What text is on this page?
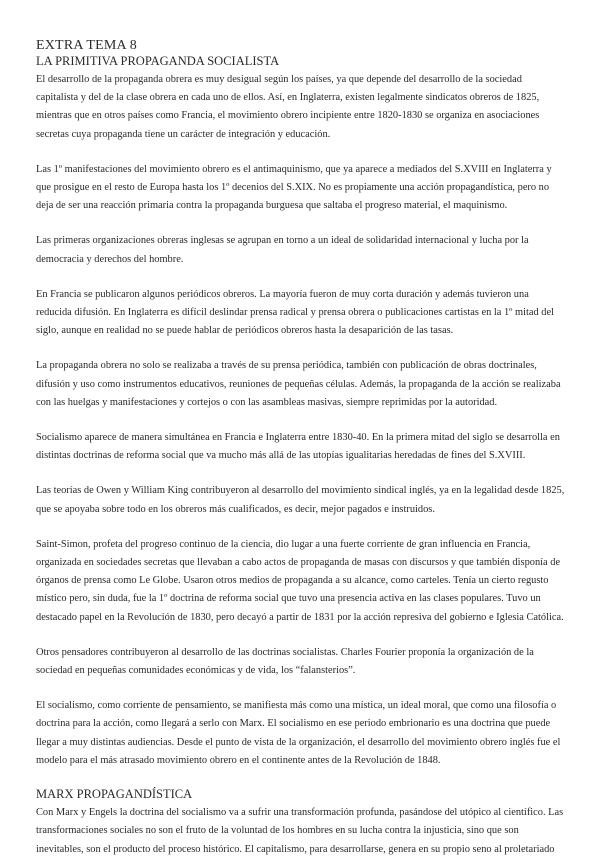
EXTRA TEMA 8
LA PRIMITIVA PROPAGANDA SOCIALISTA

El desarrollo de la propaganda obrera es muy desigual según los países, ya que depende del desarrollo de la sociedad capitalista y del de la clase obrera en cada uno de ellos. Así, en Inglaterra, existen legalmente sindicatos obreros de 1825, mientras que en otros países como Francia, el movimiento obrero incipiente entre 1820-1830 se organiza en asociaciones secretas cuya propaganda tiene un carácter de integración y educación.

Las 1º manifestaciones del movimiento obrero es el antimaquinismo, que ya aparece a mediados del S.XVIII en Inglaterra y que prosigue en el resto de Europa hasta los 1º decenios del S.XIX. No es propiamente una acción propagandística, pero no deja de ser una reacción primaria contra la propaganda burguesa que saltaba el progreso material, el maquinismo.

Las primeras organizaciones obreras inglesas se agrupan en torno a un ideal de solidaridad internacional y lucha por la democracia y derechos del hombre.

En Francia se publicaron algunos periódicos obreros. La mayoría fueron de muy corta duración y además tuvieron una reducida difusión. En Inglaterra es difícil deslindar prensa radical y prensa obrera o publicaciones cartistas en la 1º mitad del siglo, aunque en realidad no se puede hablar de periódicos obreros hasta la desaparición de las tasas.

La propaganda obrera no solo se realizaba a través de su prensa periódica, también con publicación de obras doctrinales, difusión y uso como instrumentos educativos, reuniones de pequeñas células. Además, la propaganda de la acción se realizaba con las huelgas y manifestaciones y cortejos o con las asambleas masivas, siempre reprimidas por la autoridad.

Socialismo aparece de manera simultánea en Francia e Inglaterra entre 1830-40. En la primera mitad del siglo se desarrolla en distintas doctrinas de reforma social que va mucho más allá de las utopías igualitarias heredadas de fines del S.XVIII.

Las teorías de Owen y William King contribuyeron al desarrollo del movimiento sindical inglés, ya en la legalidad desde 1825, que se apoyaba sobre todo en los obreros más cualificados, es decir, mejor pagados e instruidos.

Saint-Simon, profeta del progreso continuo de la ciencia, dio lugar a una fuerte corriente de gran influencia en Francia, organizada en sociedades secretas que llevaban a cabo actos de propaganda de masas con discursos y que también disponía de órganos de prensa como Le Globe. Usaron otros medios de propaganda a su alcance, como carteles. Tenía un cierto regusto místico pero, sin duda, fue la 1º doctrina de reforma social que tuvo una presencia activa en las clases populares. Tuvo un destacado papel en la Revolución de 1830, pero decayó a partir de 1831 por la acción represiva del gobierno e Iglesia Católica.

Otros pensadores contribuyeron al desarrollo de las doctrinas socialistas. Charles Fourier proponía la organización de la sociedad en pequeñas comunidades económicas y de vida, los “falansterios”.

El socialismo, como corriente de pensamiento, se manifiesta más como una mística, un ideal moral, que como una filosofía o doctrina para la acción, como llegará a serlo con Marx. El socialismo en ese periodo embrionario es una doctrina que puede llegar a muy distintas audiencias. Desde el punto de vista de la organización, el desarrollo del movimiento obrero inglés fue el modelo para el más atrasado movimiento obrero en el continente antes de la Revolución de 1848.

MARX PROPAGANDÍSTICA

Con Marx y Engels la doctrina del socialismo va a sufrir una transformación profunda, pasándose del utópico al científico. Las transformaciones sociales no son el fruto de la voluntad de los hombres en su lucha contra la injusticia, sino que son inevitables, son el producto del proceso histórico. El capitalismo, para desarrollarse, genera en su propio seno al proletariado
